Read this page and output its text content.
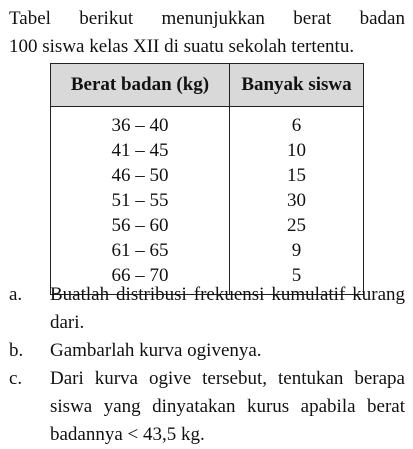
Tabel berikut menunjukkan berat badan
100 siswa kelas XII di suatu sekolah tertentu.
Berat badan (kg)	Banyak siswa
36 – 40	6
41 – 45	10
46 – 50	15
51 – 55	30
56 – 60	25
61 – 65	9
66 – 70	5
a.	Buatlah distribusi frekuensi kumulatif kurang dari.
b.	Gambarlah kurva ogivenya.
c.	Dari kurva ogive tersebut, tentukan berapa siswa yang dinyatakan kurus apabila berat badannya < 43,5 kg.
